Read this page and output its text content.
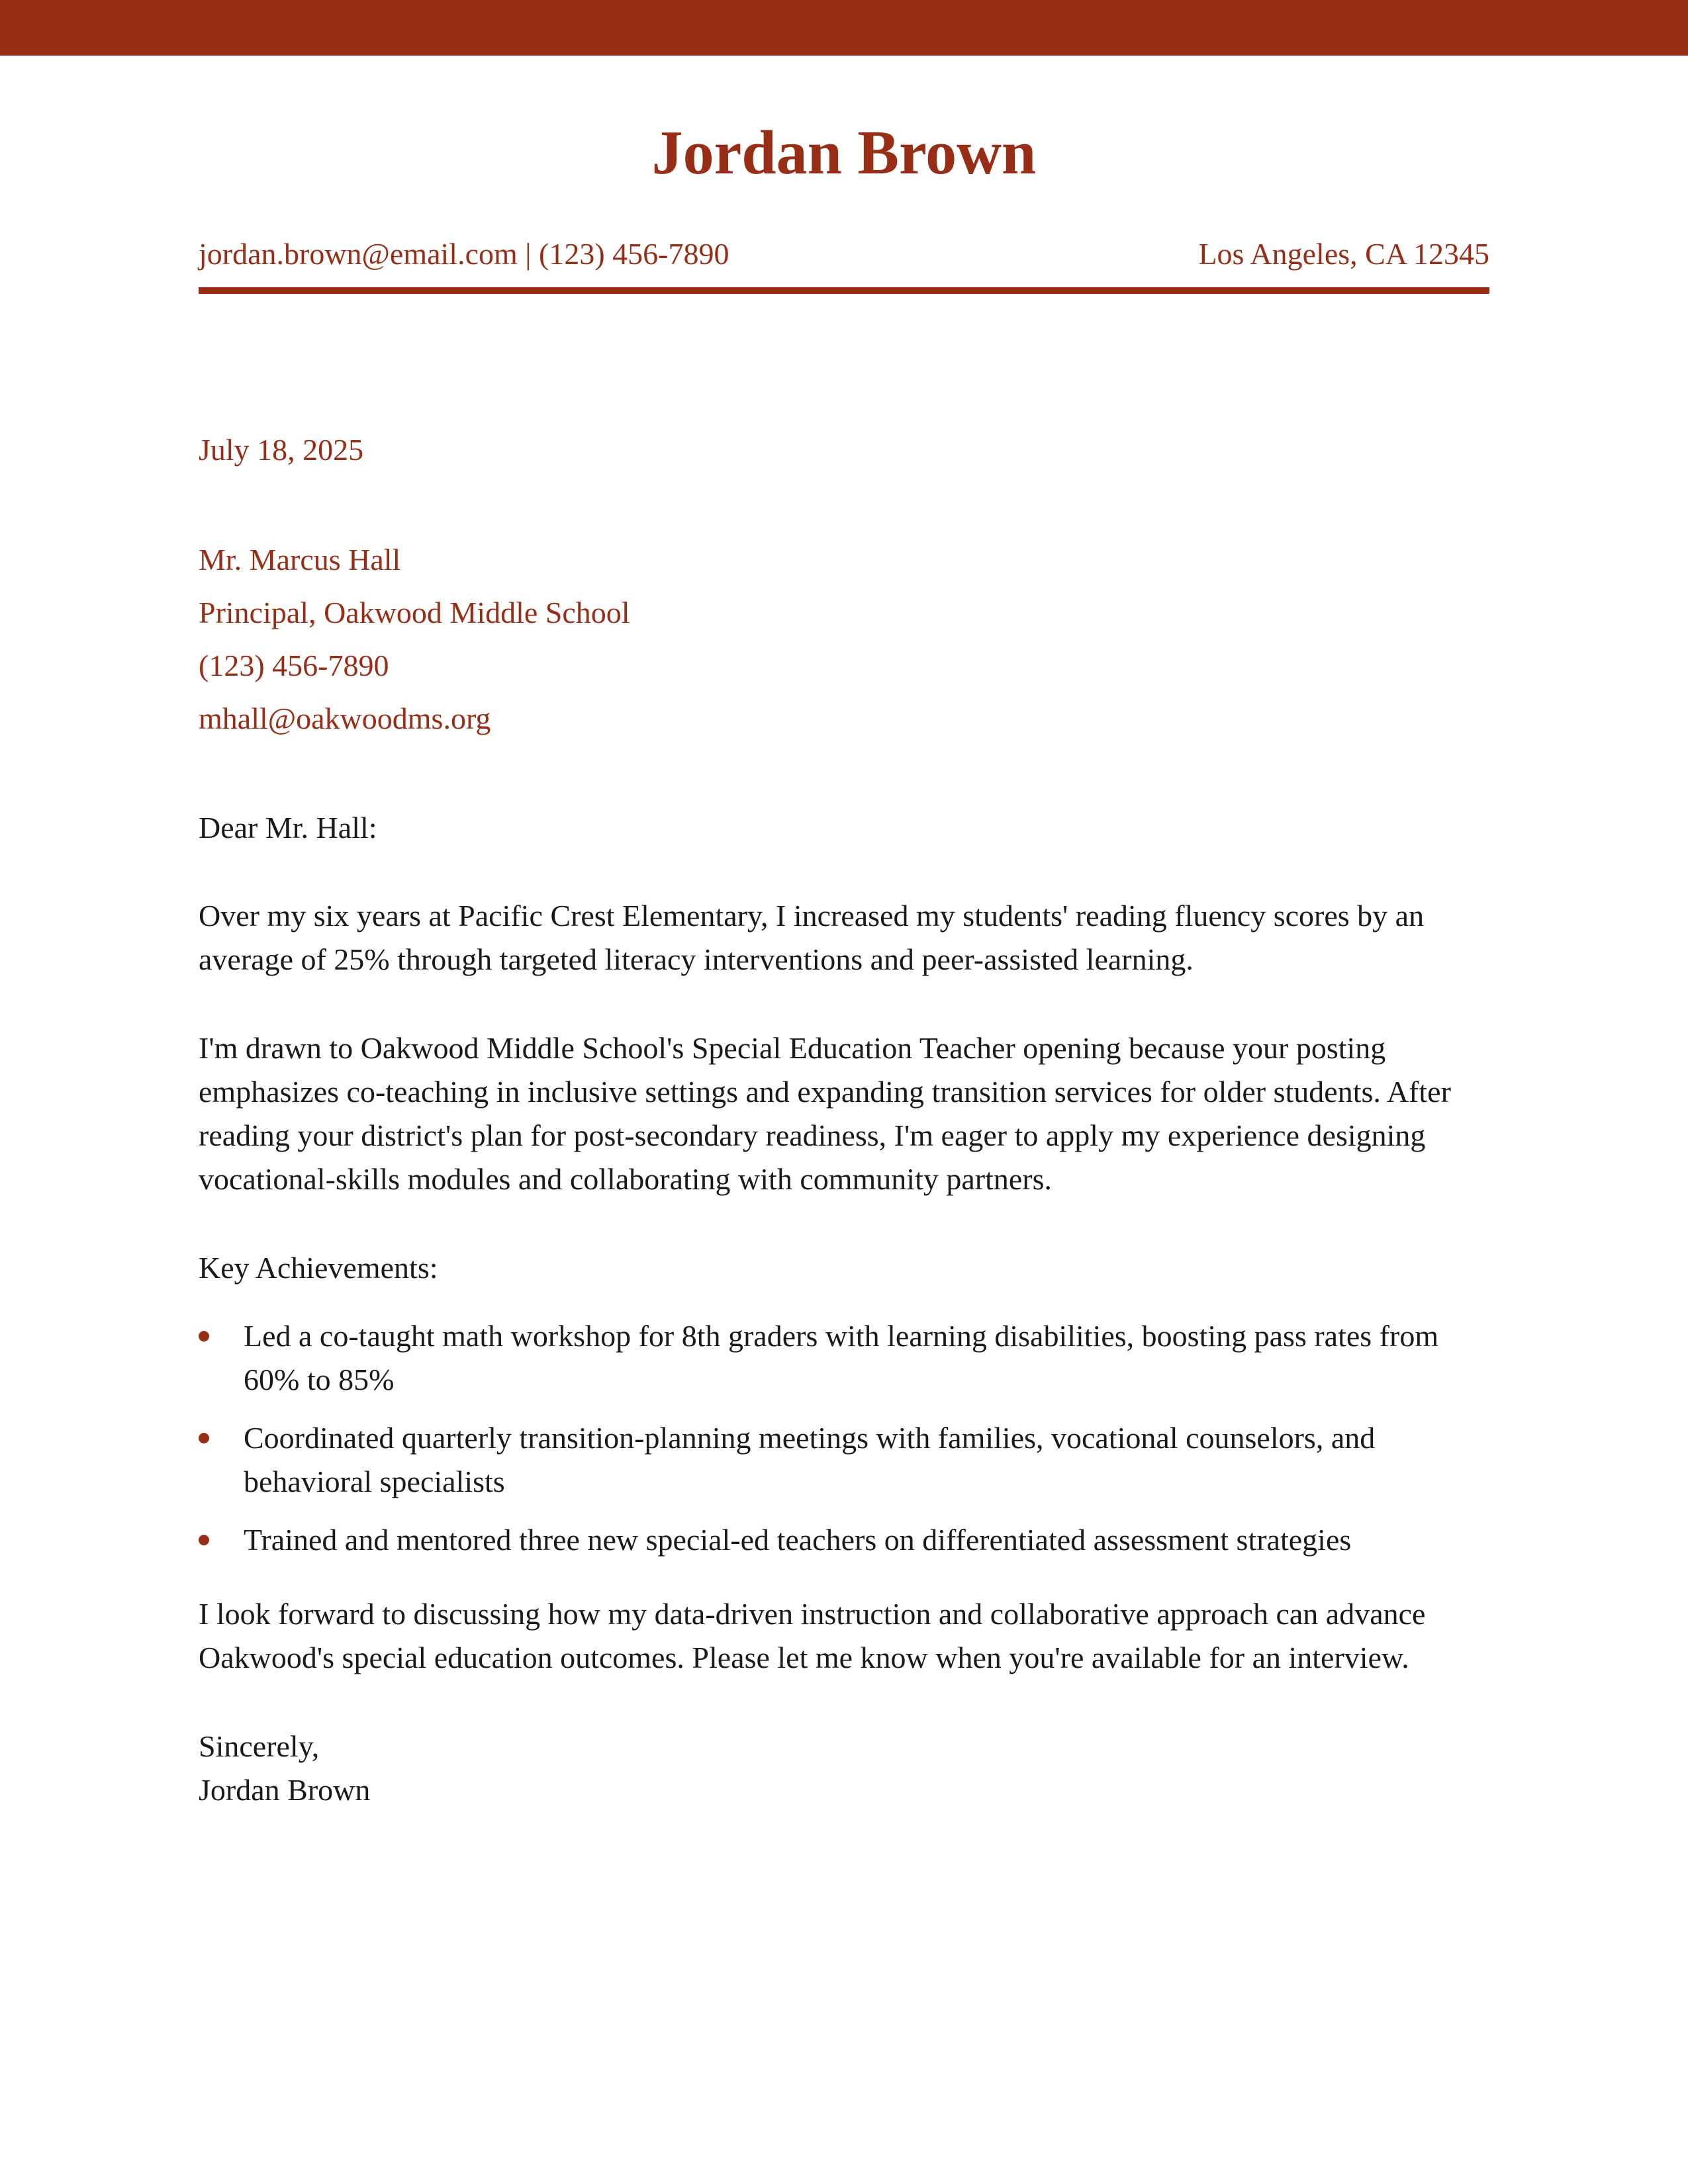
Jordan Brown
jordan.brown@email.com | (123) 456-7890	Los Angeles, CA 12345
July 18, 2025
Mr. Marcus Hall
Principal, Oakwood Middle School
(123) 456-7890
mhall@oakwoodms.org

Dear Mr. Hall:

Over my six years at Pacific Crest Elementary, I increased my students' reading fluency scores by an average of 25% through targeted literacy interventions and peer-assisted learning.

I'm drawn to Oakwood Middle School's Special Education Teacher opening because your posting emphasizes co-teaching in inclusive settings and expanding transition services for older students. After reading your district's plan for post-secondary readiness, I'm eager to apply my experience designing vocational-skills modules and collaborating with community partners.

Key Achievements:

Led a co-taught math workshop for 8th graders with learning disabilities, boosting pass rates from 60% to 85%
Coordinated quarterly transition-planning meetings with families, vocational counselors, and behavioral specialists
Trained and mentored three new special-ed teachers on differentiated assessment strategies

I look forward to discussing how my data-driven instruction and collaborative approach can advance Oakwood's special education outcomes. Please let me know when you're available for an interview.

Sincerely,

Jordan Brown
